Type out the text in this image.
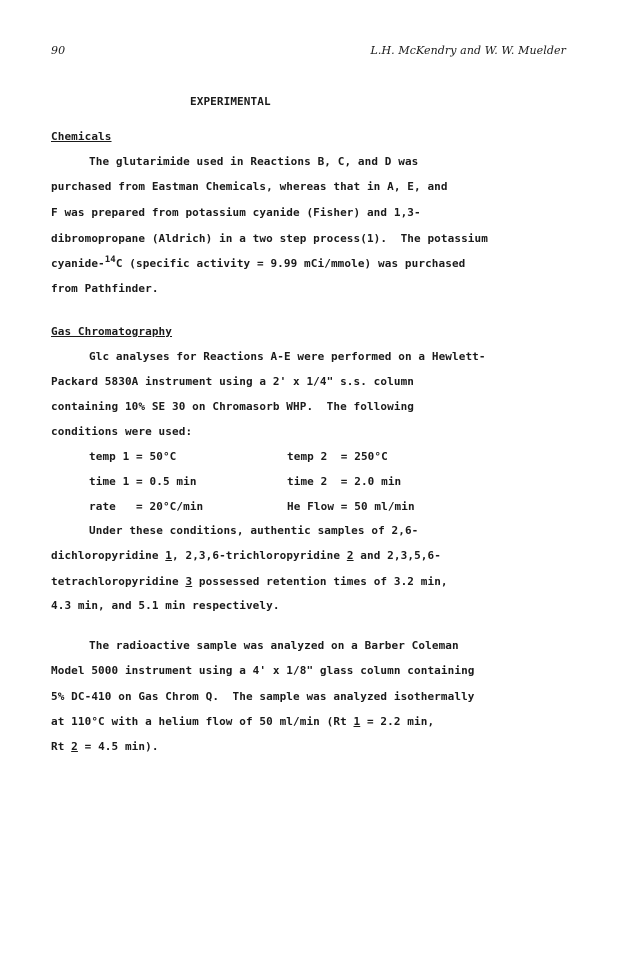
90	L.H. McKendry and W. W. Muelder
EXPERIMENTAL
Chemicals
The glutarimide used in Reactions B, C, and D was
purchased from Eastman Chemicals, whereas that in A, E, and
F was prepared from potassium cyanide (Fisher) and 1,3-
dibromopropane (Aldrich) in a two step process(1).  The potassium
cyanide-$^{14}$C (specific activity = 9.99 mCi/mmole) was purchased
from Pathfinder.
Gas Chromatography
Glc analyses for Reactions A-E were performed on a Hewlett-
Packard 5830A instrument using a 2' x 1/4" s.s. column
containing 10% SE 30 on Chromasorb WHP.  The following
conditions were used:
temp 1 = 50°C	temp 2  = 250°C
time 1 = 0.5 min	time 2  = 2.0 min
rate   = 20°C/min	He Flow = 50 ml/min
Under these conditions, authentic samples of 2,6-
dichloropyridine 1, 2,3,6-trichloropyridine 2 and 2,3,5,6-
tetrachloropyridine 3 possessed retention times of 3.2 min,
4.3 min, and 5.1 min respectively.
The radioactive sample was analyzed on a Barber Coleman
Model 5000 instrument using a 4' x 1/8" glass column containing
5% DC-410 on Gas Chrom Q.  The sample was analyzed isothermally
at 110°C with a helium flow of 50 ml/min (Rt 1 = 2.2 min,
Rt 2 = 4.5 min).
